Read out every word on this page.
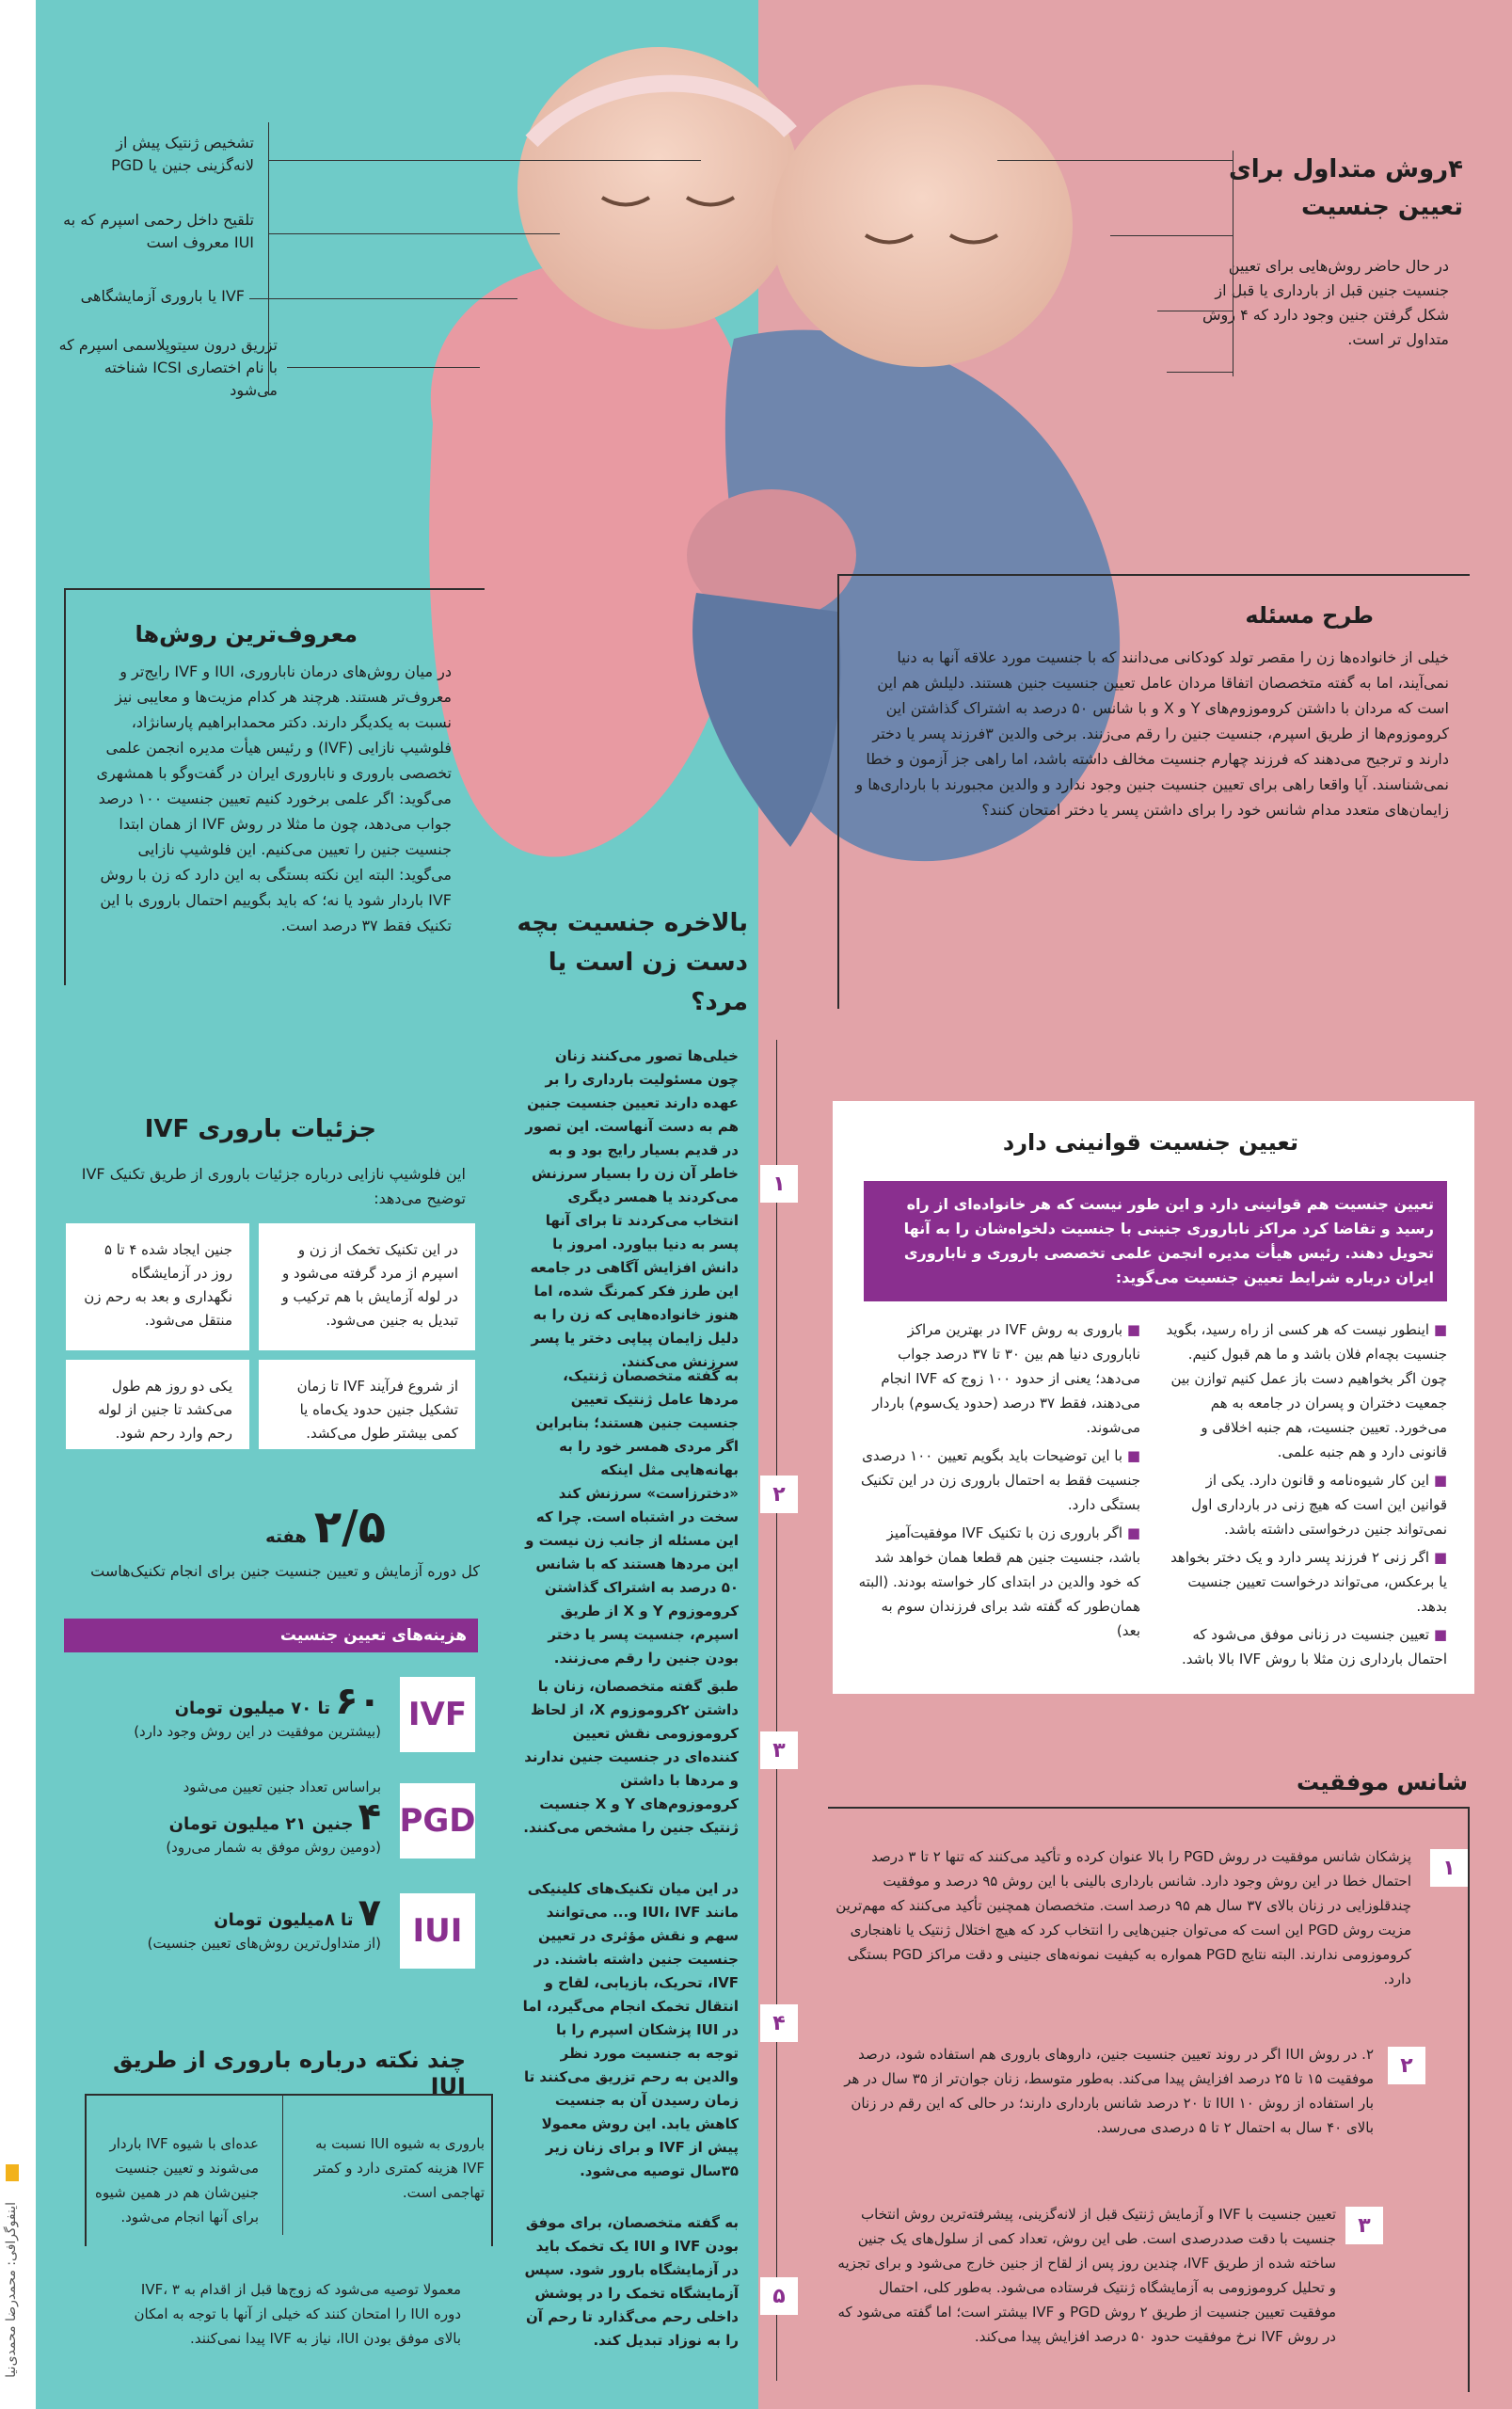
تشخیص ژنتیک پیش از لانه‌گزینی جنین یا PGD
تلقیح داخل رحمی اسپرم که به IUI معروف است
IVF یا باروری آزمایشگاهی
تزریق درون سیتوپلاسمی اسپرم که با نام اختصاری ICSI شناخته می‌شود
۴روش متداول برای تعیین جنسیت
در حال حاضر روش‌هایی برای تعیین جنسیت جنین قبل از بارداری یا قبل از شکل گرفتن جنین وجود دارد که ۴ روش متداول تر است.
طرح مسئله
خیلی از خانواده‌ها زن را مقصر تولد کودکانی می‌دانند که با جنسیت مورد علاقه آنها به دنیا نمی‌آیند، اما به گفته متخصصان اتفاقا مردان عامل تعیین جنسیت جنین هستند. دلیلش هم این است که مردان با داشتن کروموزوم‌های Y و X و با شانس ۵۰ درصد به اشتراک گذاشتن این کروموزوم‌ها از طریق اسپرم، جنسیت جنین را رقم می‌زنند. برخی والدین ۳فرزند پسر یا دختر دارند و ترجیح می‌دهند که فرزند چهارم جنسیت مخالف داشته باشد، اما راهی جز آزمون و خطا نمی‌شناسند. آیا واقعا راهی برای تعیین جنسیت جنین وجود ندارد و والدین مجبورند با بارداری‌ها و زایمان‌های متعدد مدام شانس خود را برای داشتن پسر یا دختر امتحان کنند؟
معروف‌ترین روش‌ها
در میان روش‌های درمان ناباروری، IUI و IVF رایج‌تر و معروف‌تر هستند. هرچند هر کدام مزیت‌ها و معایبی نیز نسبت به یکدیگر دارند. دکتر محمدابراهیم پارسانژاد، فلوشیپ نازایی (IVF) و رئیس هیأت مدیره انجمن علمی تخصصی باروری و ناباروری ایران در گفت‌وگو با همشهری می‌گوید: اگر علمی برخورد کنیم تعیین جنسیت ۱۰۰ درصد جواب می‌دهد، چون ما مثلا در روش IVF از همان ابتدا جنسیت جنین را تعیین می‌کنیم. این فلوشیپ نازایی می‌گوید: البته این نکته بستگی به این دارد که زن با روش IVF باردار شود یا نه؛ که باید بگوییم احتمال باروری با این تکنیک فقط ۳۷ درصد است.	بالاخره جنسیت بچه دست زن است یا مرد؟
خیلی‌ها تصور می‌کنند زنان چون مسئولیت بارداری را بر عهده دارند تعیین جنسیت جنین هم به دست آنهاست. این تصور در قدیم بسیار رایج بود و به خاطر آن زن را بسیار سرزنش می‌کردند یا همسر دیگری انتخاب می‌کردند تا برای آنها پسر به دنیا بیاورد. امروز با دانش افزایش آگاهی در جامعه این طرز فکر کمرنگ شده، اما هنوز خانواده‌هایی که زن را به دلیل زایمان پیاپی دختر یا پسر سرزنش می‌کنند.
۱
به گفته متخصصان ژنتیک، مردها عامل ژنتیک تعیین جنسیت جنین هستند؛ بنابراین اگر مردی همسر خود را به بهانه‌هایی مثل اینکه «دخترزاست» سرزنش کند سخت در اشتباه است. چرا که این مسئله از جانب زن نیست و این مردها هستند که با شانس ۵۰ درصد به اشتراک گذاشتن کروموزوم Y و X از طریق اسپرم، جنسیت پسر یا دختر بودن جنین را رقم می‌زنند.
۲
طبق گفته متخصصان، زنان با داشتن ۲کروموزوم X، از لحاظ کروموزومی نقش تعیین کننده‌ای در جنسیت جنین ندارند و مردها با داشتن کروموزوم‌های Y و X جنسیت ژنتیک جنین را مشخص می‌کنند.
۳
در این میان تکنیک‌های کلینیکی مانند IUI، IVF و... می‌توانند سهم و نقش مؤثری در تعیین جنسیت جنین داشته باشند. در IVF، تحریک، بازیابی، لقاح و انتقال تخمک انجام می‌گیرد، اما در IUI پزشکان اسپرم را با توجه به جنسیت مورد نظر والدین به رحم تزریق می‌کنند تا زمان رسیدن آن به جنسیت کاهش یابد. این روش معمولا پیش از IVF و برای زنان زیر ۳۵سال توصیه می‌شود.
۴
به گفته متخصصان، برای موفق بودن IVF و IUI یک تخمک باید در آزمایشگاه بارور شود. سپس آزمایشگاه تخمک را در پوشش داخلی رحم می‌گذارد تا رحم آن را به نوزاد تبدیل کند.
۵
تعیین جنسیت قوانینی دارد
تعیین جنسیت هم قوانینی دارد و این طور نیست که هر خانواده‌ای از راه رسید و تقاضا کرد مراکز ناباروری جنینی با جنسیت دلخواه‌شان را به آنها تحویل دهند. رئیس هیأت مدیره انجمن علمی تخصصی باروری و ناباروری ایران درباره شرایط تعیین جنسیت می‌گوید:
■ اینطور نیست که هر کسی از راه رسید، بگوید جنسیت بچه‌ام فلان باشد و ما هم قبول کنیم. چون اگر بخواهیم دست باز عمل کنیم توازن بین جمعیت دختران و پسران در جامعه به هم می‌خورد. تعیین جنسیت، هم جنبه اخلاقی و قانونی دارد و هم جنبه علمی.
■ این کار شیوه‌نامه و قانون دارد. یکی از قوانین این است که هیچ زنی در بارداری اول نمی‌تواند جنین درخواستی داشته باشد.
■ اگر زنی ۲ فرزند پسر دارد و یک دختر بخواهد یا برعکس، می‌تواند درخواست تعیین جنسیت بدهد.
■ تعیین جنسیت در زنانی موفق می‌شود که احتمال بارداری زن مثلا با روش IVF بالا باشد.
■ باروری به روش IVF در بهترین مراکز ناباروری دنیا هم بین ۳۰ تا ۳۷ درصد جواب می‌دهد؛ یعنی از حدود ۱۰۰ زوج که IVF انجام می‌دهند، فقط ۳۷ درصد (حدود یک‌سوم) باردار می‌شوند.
■ با این توضیحات باید بگویم تعیین ۱۰۰ درصدی جنسیت فقط به احتمال باروری زن در این تکنیک بستگی دارد.
■ اگر باروری زن با تکنیک IVF موفقیت‌آمیز باشد، جنسیت جنین هم قطعا همان خواهد شد که خود والدین در ابتدای کار خواسته بودند. (البته همان‌طور که گفته شد برای فرزندان سوم به بعد)
جزئیات باروری IVF
این فلوشیپ نازایی درباره جزئیات باروری از طریق تکنیک IVF توضیح می‌دهد:
در این تکنیک تخمک از زن و اسپرم از مرد گرفته می‌شود و در لوله آزمایش با هم ترکیب و تبدیل به جنین می‌شود.
جنین ایجاد شده ۴ تا ۵ روز در آزمایشگاه نگهداری و بعد به رحم زن منتقل می‌شود.
از شروع فرآیند IVF تا زمان تشکیل جنین حدود یک‌ماه یا کمی بیشتر طول می‌کشد.
یکی دو روز هم طول می‌کشد تا جنین از لوله رحم وارد رحم شود.
۲/۵
هفته
کل دوره آزمایش و تعیین جنسیت جنین برای انجام تکنیک‌هاست
هزینه‌های تعیین جنسیت
IVF
۶۰ تا ۷۰ میلیون تومان
(بیشترین موفقیت در این روش وجود دارد)
PGD
براساس تعداد جنین تعیین می‌شود
۴ جنین ۲۱ میلیون تومان
(دومین روش موفق به شمار می‌رود)
IUI
۷ تا ۸میلیون تومان
(از متداول‌ترین روش‌های تعیین جنسیت)
چند نکته درباره باروری از طریق IUI
باروری به شیوه IUI نسبت به IVF هزینه کمتری دارد و کمتر تهاجمی است.
عده‌ای با شیوه IVF باردار می‌شوند و تعیین جنسیت جنین‌شان هم در همین شیوه برای آنها انجام می‌شود.
معمولا توصیه می‌شود که زوج‌ها قبل از اقدام به IVF، ۳ دوره IUI را امتحان کنند که خیلی از آنها با توجه به امکان بالای موفق بودن IUI، نیاز به IVF پیدا نمی‌کنند.
شانس موفقیت
۱
پزشکان شانس موفقیت در روش PGD را بالا عنوان کرده و تأکید می‌کنند که تنها ۲ تا ۳ درصد احتمال خطا در این روش وجود دارد. شانس بارداری بالینی با این روش ۹۵ درصد و موفقیت چندقلوزایی در زنان بالای ۳۷ سال هم ۹۵ درصد است. متخصصان همچنین تأکید می‌کنند که مهم‌ترین مزیت روش PGD این است که می‌توان جنین‌هایی را انتخاب کرد که هیچ اختلال ژنتیک یا ناهنجاری کروموزومی ندارند. البته نتایج PGD همواره به کیفیت نمونه‌های جنینی و دقت مراکز PGD بستگی دارد.
۲
۲. در روش IUI اگر در روند تعیین جنسیت جنین، داروهای باروری هم استفاده شود، درصد موفقیت ۱۵ تا ۲۵ درصد افزایش پیدا می‌کند. به‌طور متوسط، زنان جوان‌تر از ۳۵ سال در هر بار استفاده از روش IUI ۱۰ تا ۲۰ درصد شانس بارداری دارند؛ در حالی که این رقم در زنان بالای ۴۰ سال به احتمال ۲ تا ۵ درصدی می‌رسد.
۳
تعیین جنسیت با IVF و آزمایش ژنتیک قبل از لانه‌گزینی، پیشرفته‌ترین روش انتخاب جنسیت با دقت صددرصدی است. طی این روش، تعداد کمی از سلول‌های یک جنین ساخته شده از طریق IVF، چندین روز پس از لقاح از جنین خارج می‌شود و برای تجزیه و تحلیل کروموزومی به آزمایشگاه ژنتیک فرستاده می‌شود. به‌طور کلی، احتمال موفقیت تعیین جنسیت از طریق ۲ روش PGD و IVF بیشتر است؛ اما گفته می‌شود که در روش IVF نرخ موفقیت حدود ۵۰ درصد افزایش پیدا می‌کند.
اینفوگرافی: محمدرضا محمدی‌نیا
